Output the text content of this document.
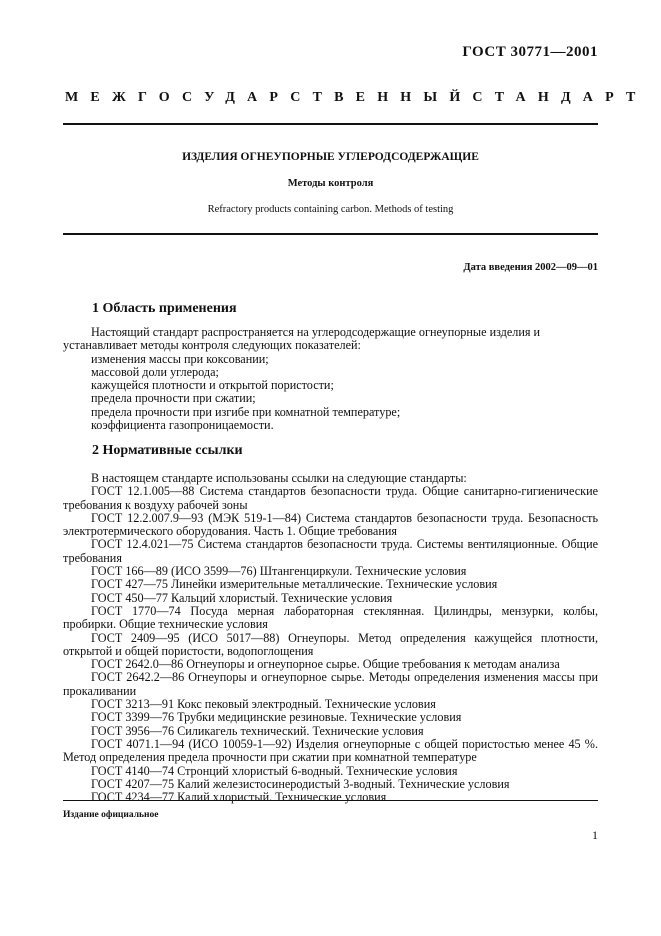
ГОСТ 30771—2001
МЕЖГОСУДАРСТВЕННЫЙ СТАНДАРТ
ИЗДЕЛИЯ ОГНЕУПОРНЫЕ УГЛЕРОДСОДЕРЖАЩИЕ
Методы контроля
Refractory products containing carbon. Methods of testing
Дата введения 2002—09—01
1 Область применения

Настоящий стандарт распространяется на углеродсодержащие огнеупорные изделия и устанавливает методы контроля следующих показателей:

изменения массы при коксовании;
массовой доли углерода;
кажущейся плотности и открытой пористости;
предела прочности при сжатии;
предела прочности при изгибе при комнатной температуре;
коэффициента газопроницаемости.
2 Нормативные ссылки

В настоящем стандарте использованы ссылки на следующие стандарты:

ГОСТ 12.1.005—88 Система стандартов безопасности труда. Общие санитарно-гигиенические требования к воздуху рабочей зоны

ГОСТ 12.2.007.9—93 (МЭК 519-1—84) Система стандартов безопасности труда. Безопасность электротермического оборудования. Часть 1. Общие требования

ГОСТ 12.4.021—75 Система стандартов безопасности труда. Системы вентиляционные. Общие требования

ГОСТ 166—89 (ИСО 3599—76) Штангенциркули. Технические условия

ГОСТ 427—75 Линейки измерительные металлические. Технические условия

ГОСТ 450—77 Кальций хлористый. Технические условия

ГОСТ 1770—74 Посуда мерная лабораторная стеклянная. Цилиндры, мензурки, колбы, пробирки. Общие технические условия

ГОСТ 2409—95 (ИСО 5017—88) Огнеупоры. Метод определения кажущейся плотности, открытой и общей пористости, водопоглощения

ГОСТ 2642.0—86 Огнеупоры и огнеупорное сырье. Общие требования к методам анализа

ГОСТ 2642.2—86 Огнеупоры и огнеупорное сырье. Методы определения изменения массы при прокаливании

ГОСТ 3213—91 Кокс пековый электродный. Технические условия

ГОСТ 3399—76 Трубки медицинские резиновые. Технические условия

ГОСТ 3956—76 Силикагель технический. Технические условия

ГОСТ 4071.1—94 (ИСО 10059-1—92) Изделия огнеупорные с общей пористостью менее 45 %. Метод определения предела прочности при сжатии при комнатной температуре

ГОСТ 4140—74 Стронций хлористый 6-водный. Технические условия

ГОСТ 4207—75 Калий железистосинеродистый 3-водный. Технические условия

ГОСТ 4234—77 Калий хлористый. Технические условия

Издание официальное
1
